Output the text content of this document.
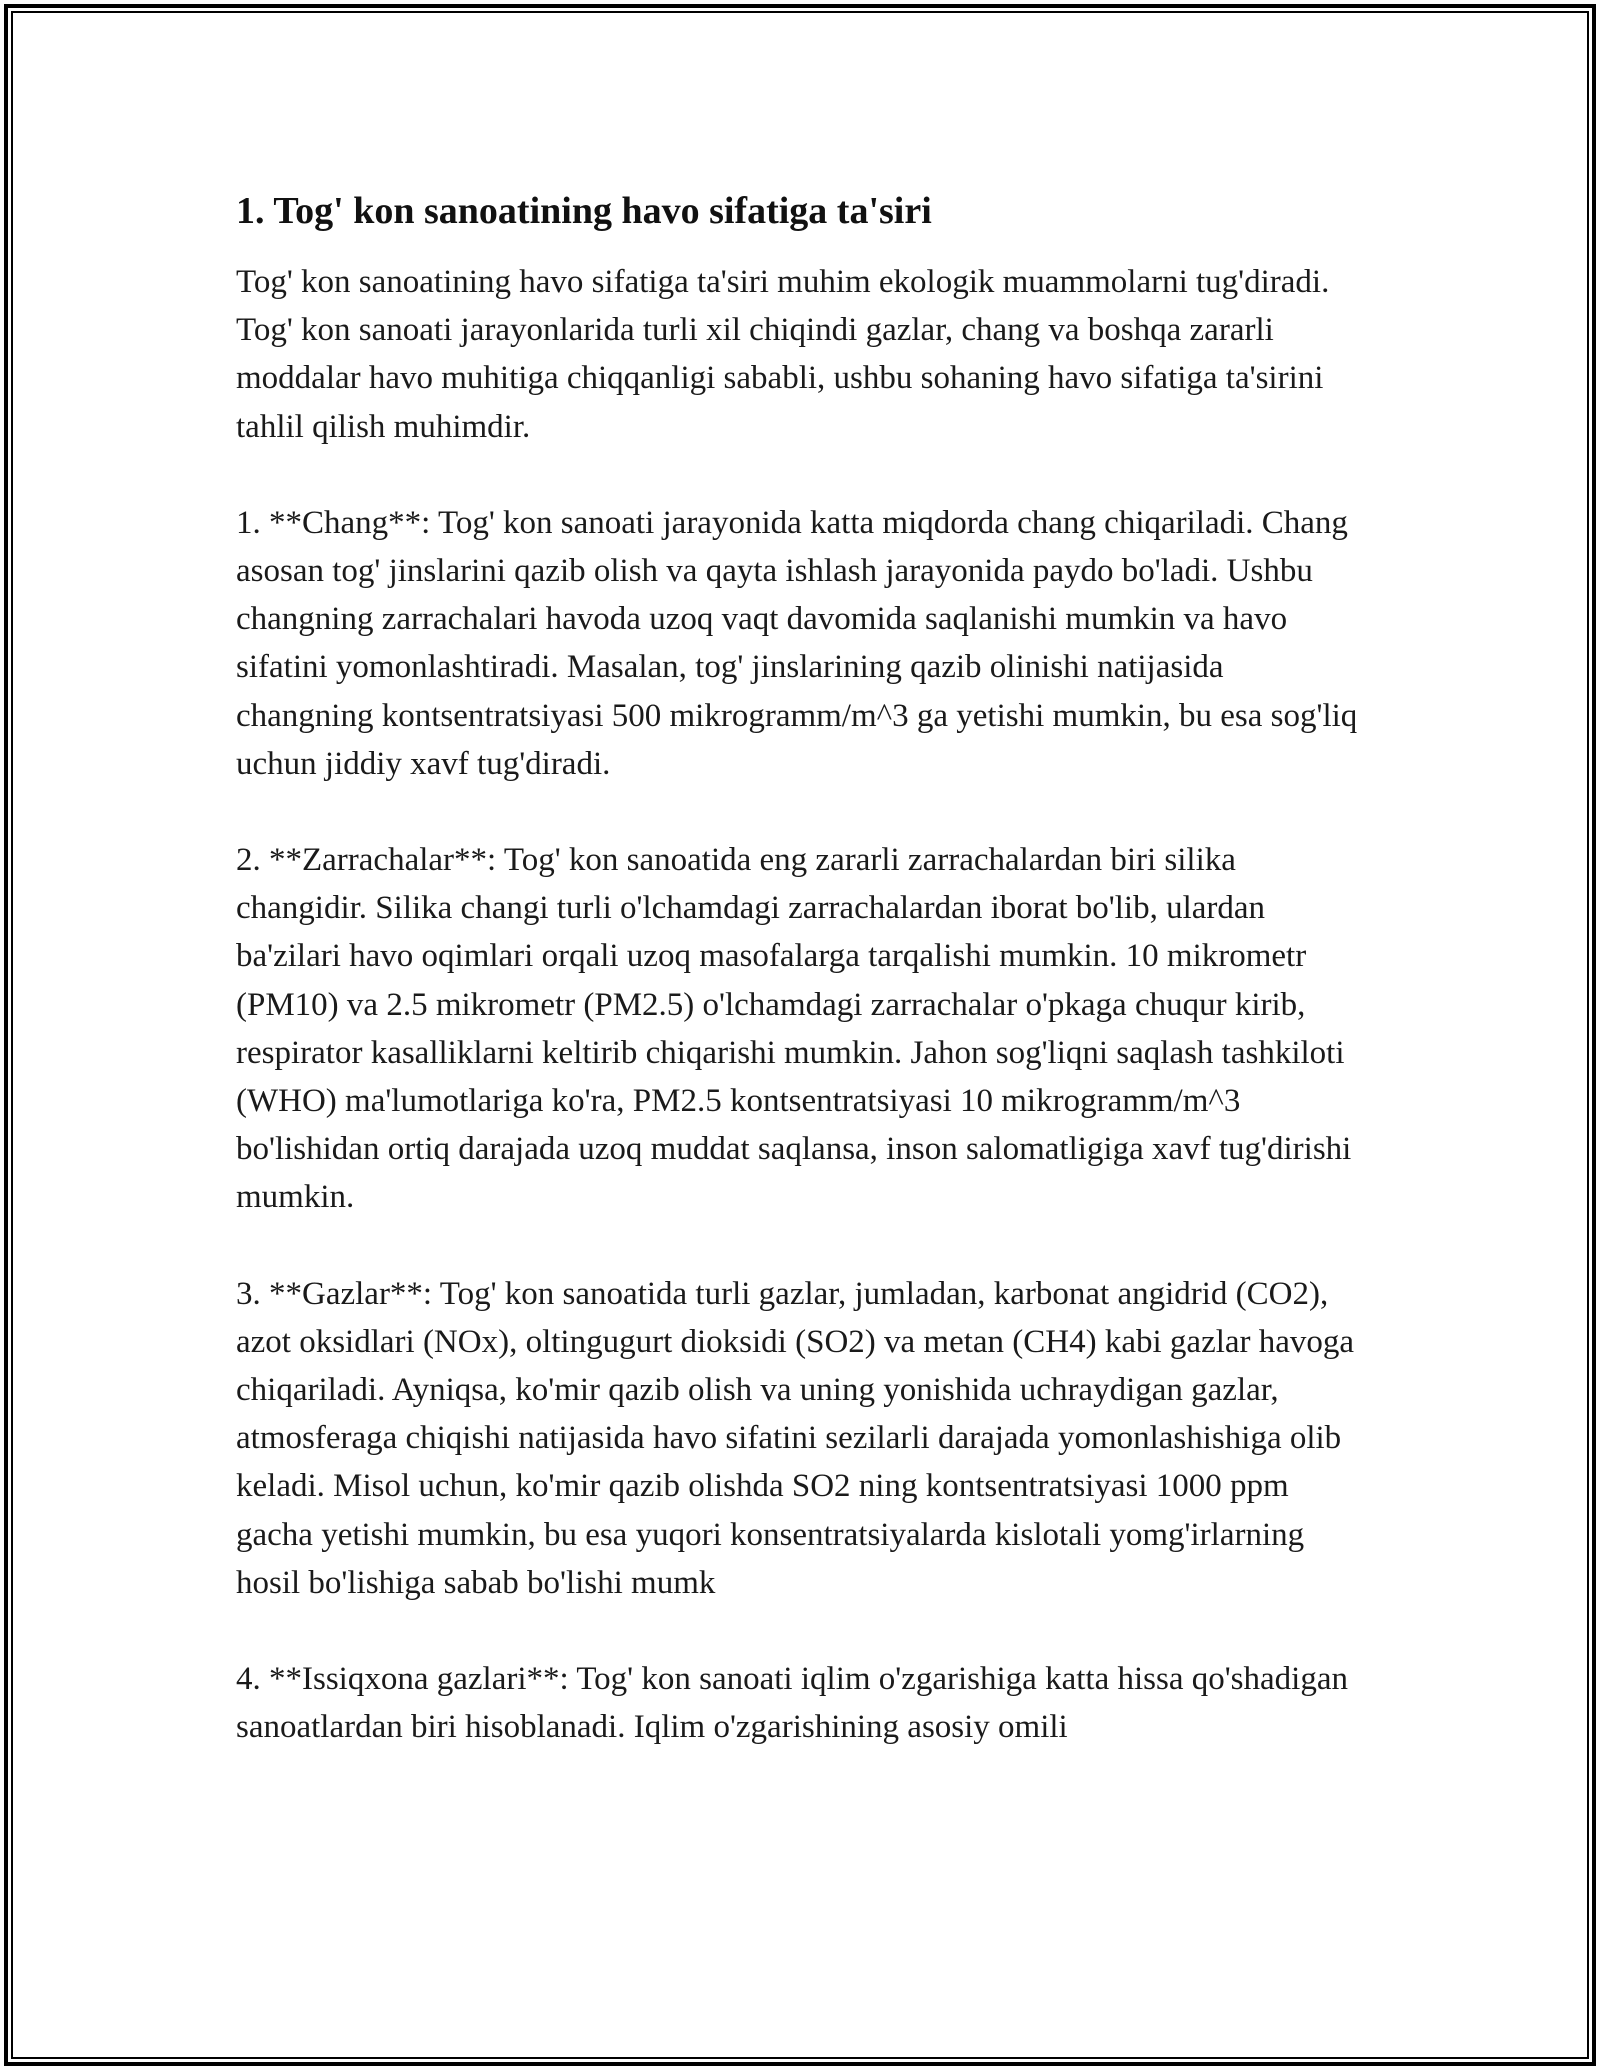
1. Tog' kon sanoatining havo sifatiga ta'siri

Tog' kon sanoatining havo sifatiga ta'siri muhim ekologik muammolarni tug'diradi. Tog' kon sanoati jarayonlarida turli xil chiqindi gazlar, chang va boshqa zararli moddalar havo muhitiga chiqqanligi sababli, ushbu sohaning havo sifatiga ta'sirini tahlil qilish muhimdir.

1. **Chang**: Tog' kon sanoati jarayonida katta miqdorda chang chiqariladi. Chang asosan tog' jinslarini qazib olish va qayta ishlash jarayonida paydo bo'ladi. Ushbu changning zarrachalari havoda uzoq vaqt davomida saqlanishi mumkin va havo sifatini yomonlashtiradi. Masalan, tog' jinslarining qazib olinishi natijasida changning kontsentratsiyasi 500 mikrogramm/m^3 ga yetishi mumkin, bu esa sog'liq uchun jiddiy xavf tug'diradi.

2. **Zarrachalar**: Tog' kon sanoatida eng zararli zarrachalardan biri silika changidir. Silika changi turli o'lchamdagi zarrachalardan iborat bo'lib, ulardan ba'zilari havo oqimlari orqali uzoq masofalarga tarqalishi mumkin. 10 mikrometr (PM10) va 2.5 mikrometr (PM2.5) o'lchamdagi zarrachalar o'pkaga chuqur kirib, respirator kasalliklarni keltirib chiqarishi mumkin. Jahon sog'liqni saqlash tashkiloti (WHO) ma'lumotlariga ko'ra, PM2.5 kontsentratsiyasi 10 mikrogramm/m^3 bo'lishidan ortiq darajada uzoq muddat saqlansa, inson salomatligiga xavf tug'dirishi mumkin.

3. **Gazlar**: Tog' kon sanoatida turli gazlar, jumladan, karbonat angidrid (CO2), azot oksidlari (NOx), oltingugurt dioksidi (SO2) va metan (CH4) kabi gazlar havoga chiqariladi. Ayniqsa, ko'mir qazib olish va uning yonishida uchraydigan gazlar, atmosferaga chiqishi natijasida havo sifatini sezilarli darajada yomonlashishiga olib keladi. Misol uchun, ko'mir qazib olishda SO2 ning kontsentratsiyasi 1000 ppm gacha yetishi mumkin, bu esa yuqori konsentratsiyalarda kislotali yomg'irlarning hosil bo'lishiga sabab bo'lishi mumk

4. **Issiqxona gazlari**: Tog' kon sanoati iqlim o'zgarishiga katta hissa qo'shadigan sanoatlardan biri hisoblanadi. Iqlim o'zgarishining asosiy omili
